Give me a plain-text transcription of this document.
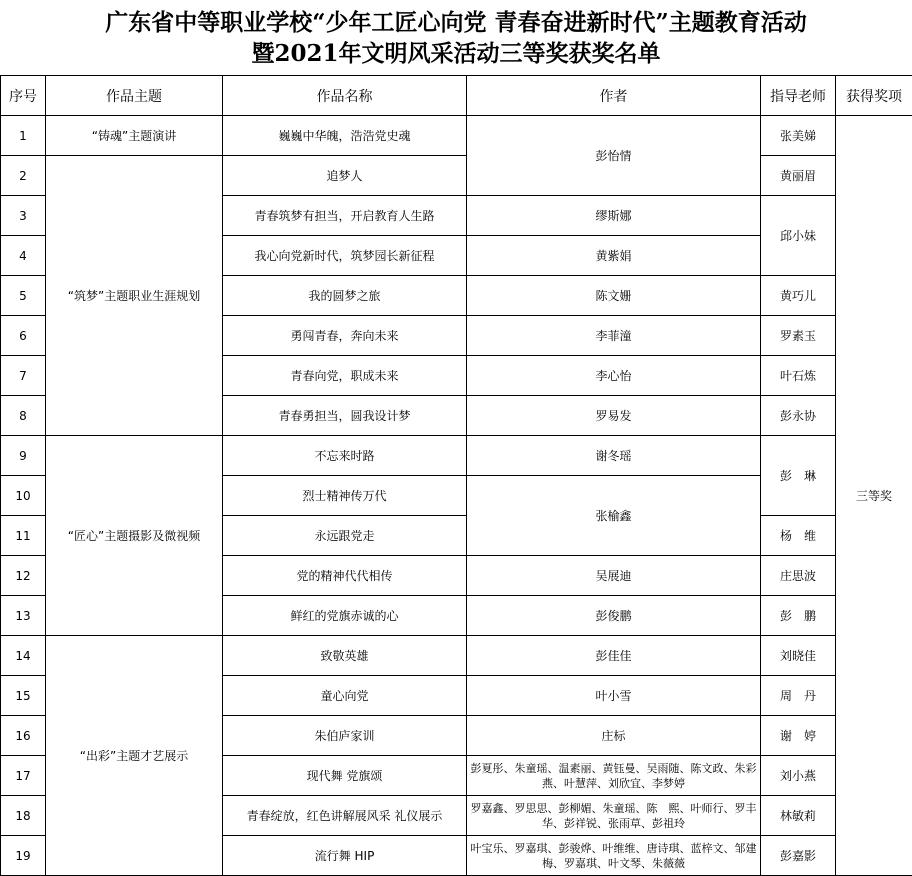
广东省中等职业学校“少年工匠心向党 青春奋进新时代”主题教育活动
暨2021年文明风采活动三等奖获奖名单
序号	作品主题	作品名称	作者	指导老师	获得奖项
1	“铸魂”主题演讲	巍巍中华魄，浩浩党史魂	彭怡情	张美娣	三等奖
2	“筑梦”主题职业生涯规划	追梦人		黄丽眉	
3		青春筑梦有担当，开启教育人生路	缪斯娜	邱小妹	
4		我心向党新时代，筑梦园长新征程	黄紫娟		
5		我的圆梦之旅	陈文姗	黄巧儿	
6		勇闯青春，奔向未来	李菲潼	罗素玉	
7		青春向党，职成未来	李心怡	叶石炼	
8		青春勇担当，圆我设计梦	罗易发	彭永协	
9	“匠心”主题摄影及微视频	不忘来时路	谢冬瑶	彭　琳	
10		烈士精神传万代	张榆鑫		
11		永远跟党走		杨　维	
12		党的精神代代相传	吴展迪	庄思波	
13		鲜红的党旗赤诚的心	彭俊鹏	彭　鹏	
14	“出彩”主题才艺展示	致敬英雄	彭佳佳	刘晓佳	
15		童心向党	叶小雪	周　丹	
16		朱伯庐家训	庄标	谢　婷	
17		现代舞 党旗颂	彭夏彤、朱童瑶、温素丽、黄钰曼、吴雨随、陈文政、朱彩燕、叶慧萍、刘欣宜、李梦婷	刘小燕	
18		青春绽放，红色讲解展风采 礼仪展示	罗嘉鑫、罗思思、彭柳媚、朱童瑶、陈　熙、叶师行、罗丰华、彭祥锐、张雨草、彭祖玲	林敏莉	
19		流行舞 HIP	叶宝乐、罗嘉琪、彭骏烨、叶维维、唐诗琪、蓝梓文、邹建梅、罗嘉琪、叶文琴、朱薇薇	彭嘉影	
